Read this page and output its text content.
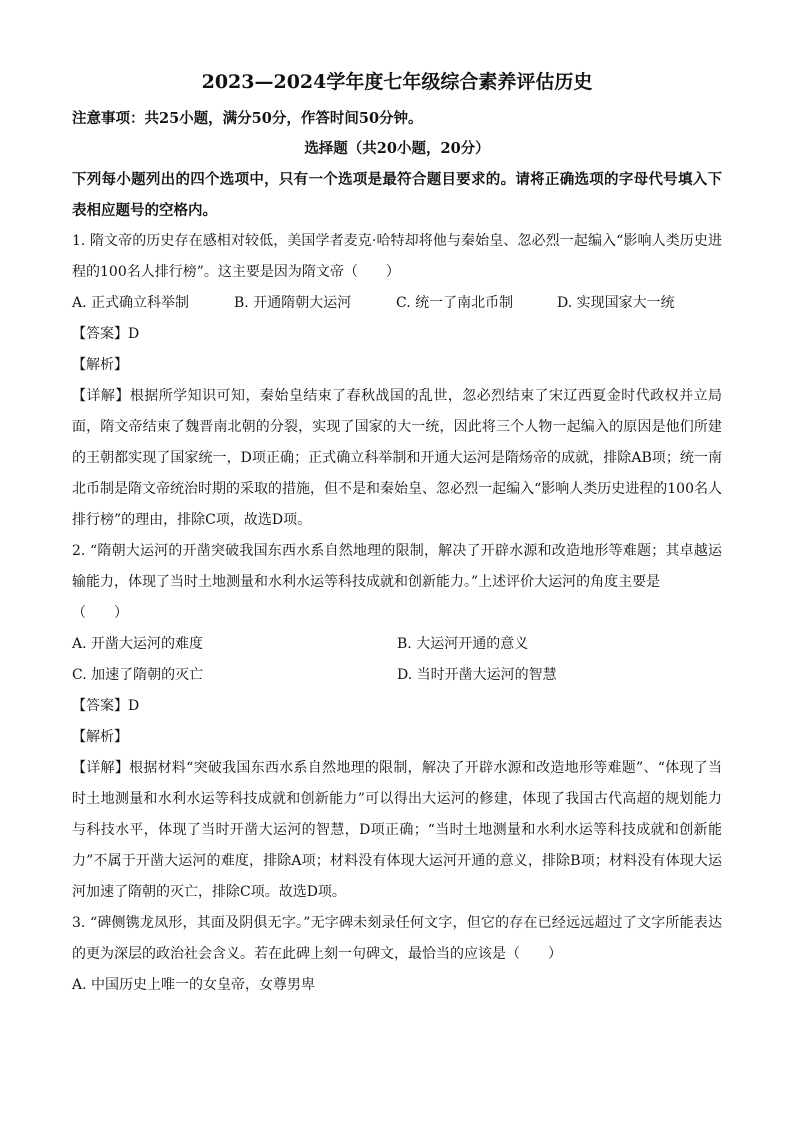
2023—2024学年度七年级综合素养评估历史
注意事项：共25小题，满分50分，作答时间50分钟。
选择题（共20小题，20分）
下列每小题列出的四个选项中，只有一个选项是最符合题目要求的。请将正确选项的字母代号填入下表相应题号的空格内。

1. 隋文帝的历史存在感相对较低，美国学者麦克·哈特却将他与秦始皇、忽必烈一起编入“影响人类历史进程的100名人排行榜”。这主要是因为隋文帝（　　）

A. 正式确立科举制	B. 开通隋朝大运河	C. 统一了南北币制	D. 实现国家大一统
【答案】D
【解析】

【详解】根据所学知识可知，秦始皇结束了春秋战国的乱世，忽必烈结束了宋辽西夏金时代政权并立局面，隋文帝结束了魏晋南北朝的分裂，实现了国家的大一统，因此将三个人物一起编入的原因是他们所建的王朝都实现了国家统一，D项正确；正式确立科举制和开通大运河是隋炀帝的成就，排除AB项；统一南北币制是隋文帝统治时期的采取的措施，但不是和秦始皇、忽必烈一起编入“影响人类历史进程的100名人排行榜”的理由，排除C项，故选D项。

2. “隋朝大运河的开凿突破我国东西水系自然地理的限制，解决了开辟水源和改造地形等难题；其卓越运输能力，体现了当时土地测量和水利水运等科技成就和创新能力。”上述评价大运河的角度主要是

（　　）
A. 开凿大运河的难度	B. 大运河开通的意义
C. 加速了隋朝的灭亡	D. 当时开凿大运河的智慧
【答案】D
【解析】

【详解】根据材料“突破我国东西水系自然地理的限制，解决了开辟水源和改造地形等难题”、“体现了当时土地测量和水利水运等科技成就和创新能力”可以得出大运河的修建，体现了我国古代高超的规划能力与科技水平，体现了当时开凿大运河的智慧，D项正确；“当时土地测量和水利水运等科技成就和创新能力”不属于开凿大运河的难度，排除A项；材料没有体现大运河开通的意义，排除B项；材料没有体现大运河加速了隋朝的灭亡，排除C项。故选D项。

3. “碑侧镌龙凤形，其面及阴俱无字。”无字碑未刻录任何文字，但它的存在已经远远超过了文字所能表达的更为深层的政治社会含义。若在此碑上刻一句碑文，最恰当的应该是（　　）

A. 中国历史上唯一的女皇帝，女尊男卑
